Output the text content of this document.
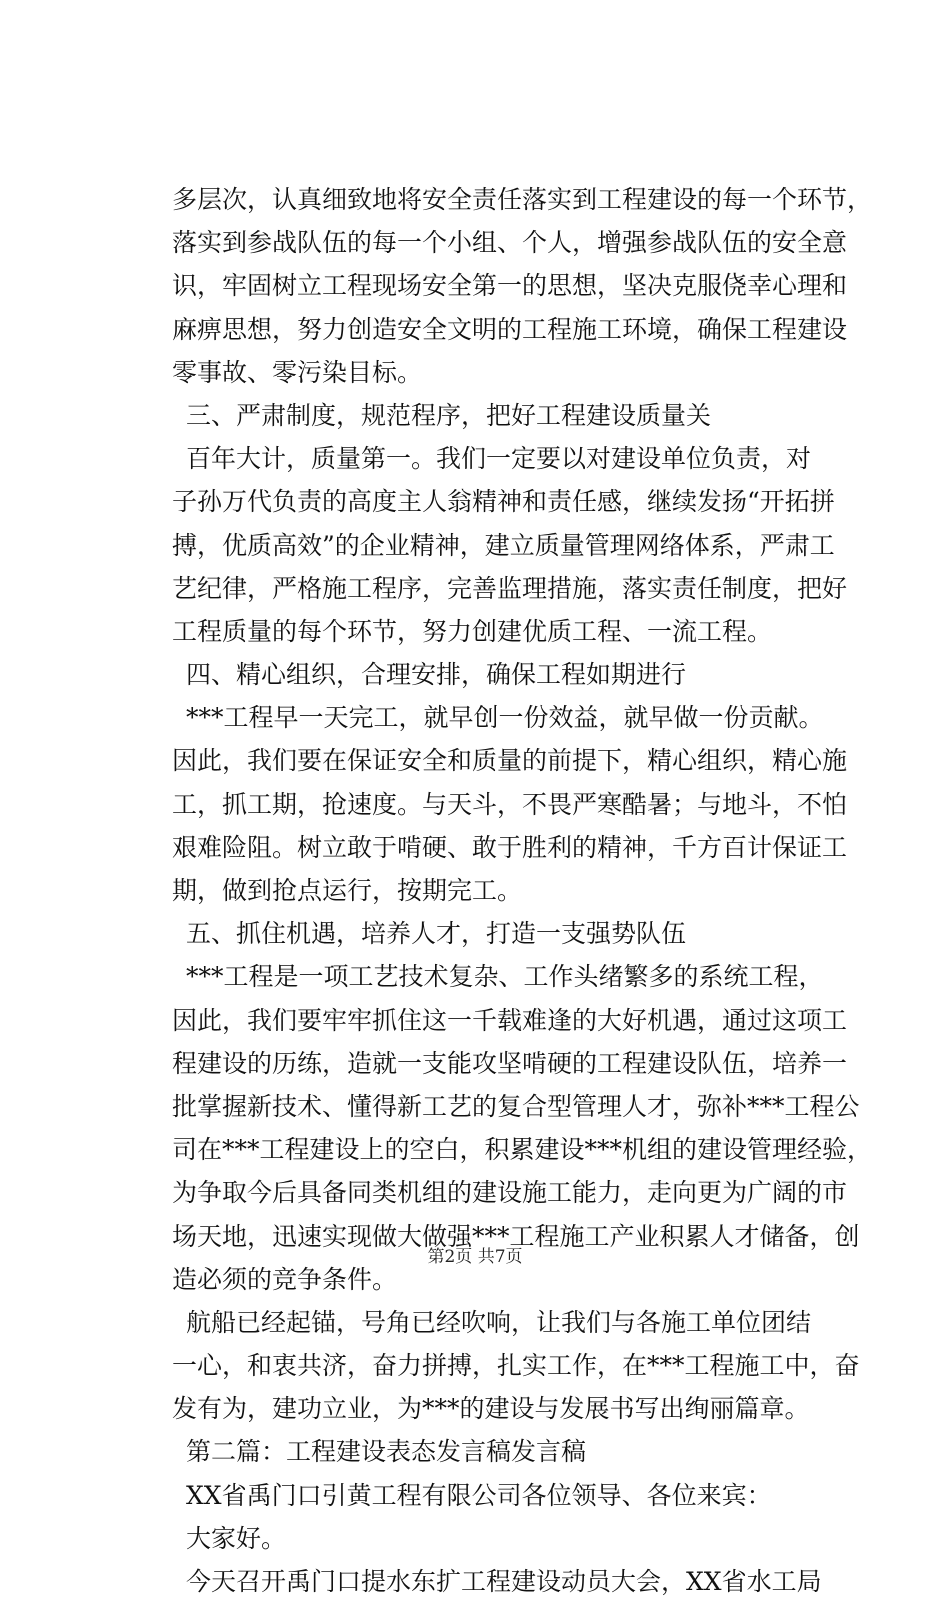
多层次，认真细致地将安全责任落实到工程建设的每一个环节，
落实到参战队伍的每一个小组、个人，增强参战队伍的安全意
识，牢固树立工程现场安全第一的思想，坚决克服侥幸心理和
麻痹思想，努力创造安全文明的工程施工环境，确保工程建设
零事故、零污染目标。
三、严肃制度，规范程序，把好工程建设质量关
百年大计，质量第一。我们一定要以对建设单位负责，对
子孙万代负责的高度主人翁精神和责任感，继续发扬“开拓拼
搏，优质高效”的企业精神，建立质量管理网络体系，严肃工
艺纪律，严格施工程序，完善监理措施，落实责任制度，把好
工程质量的每个环节，努力创建优质工程、一流工程。
四、精心组织，合理安排，确保工程如期进行
***工程早一天完工，就早创一份效益，就早做一份贡献。
因此，我们要在保证安全和质量的前提下，精心组织，精心施
工，抓工期，抢速度。与天斗，不畏严寒酷暑；与地斗，不怕
艰难险阻。树立敢于啃硬、敢于胜利的精神，千方百计保证工
期，做到抢点运行，按期完工。
五、抓住机遇，培养人才，打造一支强势队伍
***工程是一项工艺技术复杂、工作头绪繁多的系统工程，
因此，我们要牢牢抓住这一千载难逢的大好机遇，通过这项工
程建设的历练，造就一支能攻坚啃硬的工程建设队伍，培养一
批掌握新技术、懂得新工艺的复合型管理人才，弥补***工程公
司在***工程建设上的空白，积累建设***机组的建设管理经验，
为争取今后具备同类机组的建设施工能力，走向更为广阔的市
场天地，迅速实现做大做强***工程施工产业积累人才储备，创
造必须的竞争条件。
航船已经起锚，号角已经吹响，让我们与各施工单位团结
一心，和衷共济，奋力拼搏，扎实工作，在***工程施工中，奋
发有为，建功立业，为***的建设与发展书写出绚丽篇章。
第二篇：工程建设表态发言稿发言稿
XX省禹门口引黄工程有限公司各位领导、各位来宾：
大家好。
今天召开禹门口提水东扩工程建设动员大会，XX省水工局
第2页 共7页
